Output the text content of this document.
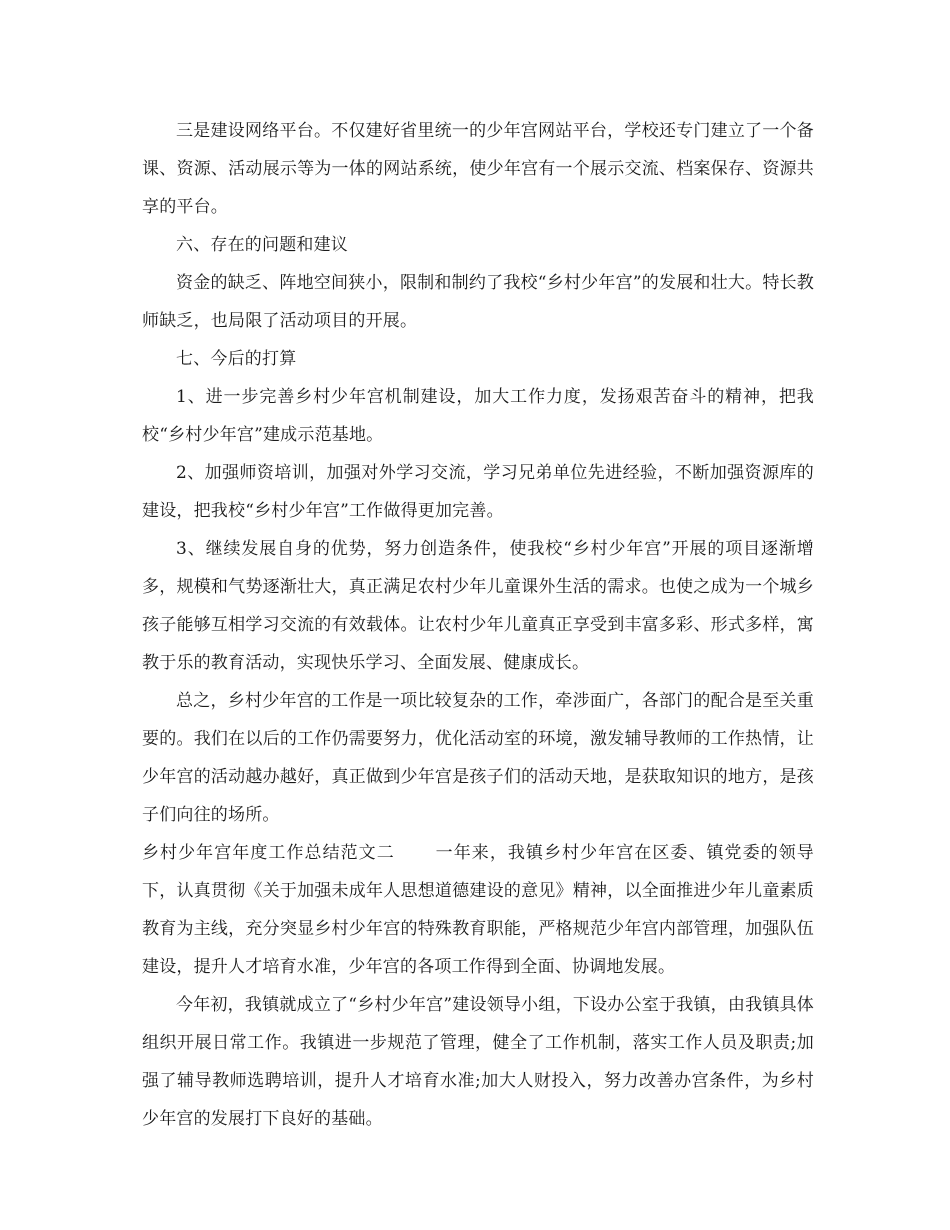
三是建设网络平台。不仅建好省里统一的少年宫网站平台，学校还专门建立了一个备课、资源、活动展示等为一体的网站系统，使少年宫有一个展示交流、档案保存、资源共享的平台。

六、存在的问题和建议

资金的缺乏、阵地空间狭小，限制和制约了我校“乡村少年宫”的发展和壮大。特长教师缺乏，也局限了活动项目的开展。

七、今后的打算

1、进一步完善乡村少年宫机制建设，加大工作力度，发扬艰苦奋斗的精神，把我校“乡村少年宫”建成示范基地。

2、加强师资培训，加强对外学习交流，学习兄弟单位先进经验，不断加强资源库的建设，把我校“乡村少年宫”工作做得更加完善。

3、继续发展自身的优势，努力创造条件，使我校“乡村少年宫”开展的项目逐渐增多，规模和气势逐渐壮大，真正满足农村少年儿童课外生活的需求。也使之成为一个城乡孩子能够互相学习交流的有效载体。让农村少年儿童真正享受到丰富多彩、形式多样，寓教于乐的教育活动，实现快乐学习、全面发展、健康成长。

总之，乡村少年宫的工作是一项比较复杂的工作，牵涉面广，各部门的配合是至关重要的。我们在以后的工作仍需要努力，优化活动室的环境，激发辅导教师的工作热情，让少年宫的活动越办越好，真正做到少年宫是孩子们的活动天地，是获取知识的地方，是孩子们向往的场所。

乡村少年宫年度工作总结范文二 一年来，我镇乡村少年宫在区委、镇党委的领导下，认真贯彻《关于加强未成年人思想道德建设的意见》精神，以全面推进少年儿童素质教育为主线，充分突显乡村少年宫的特殊教育职能，严格规范少年宫内部管理，加强队伍建设，提升人才培育水准，少年宫的各项工作得到全面、协调地发展。

今年初，我镇就成立了“乡村少年宫”建设领导小组，下设办公室于我镇，由我镇具体组织开展日常工作。我镇进一步规范了管理，健全了工作机制，落实工作人员及职责;加强了辅导教师选聘培训，提升人才培育水准;加大人财投入，努力改善办宫条件，为乡村少年宫的发展打下良好的基础。
